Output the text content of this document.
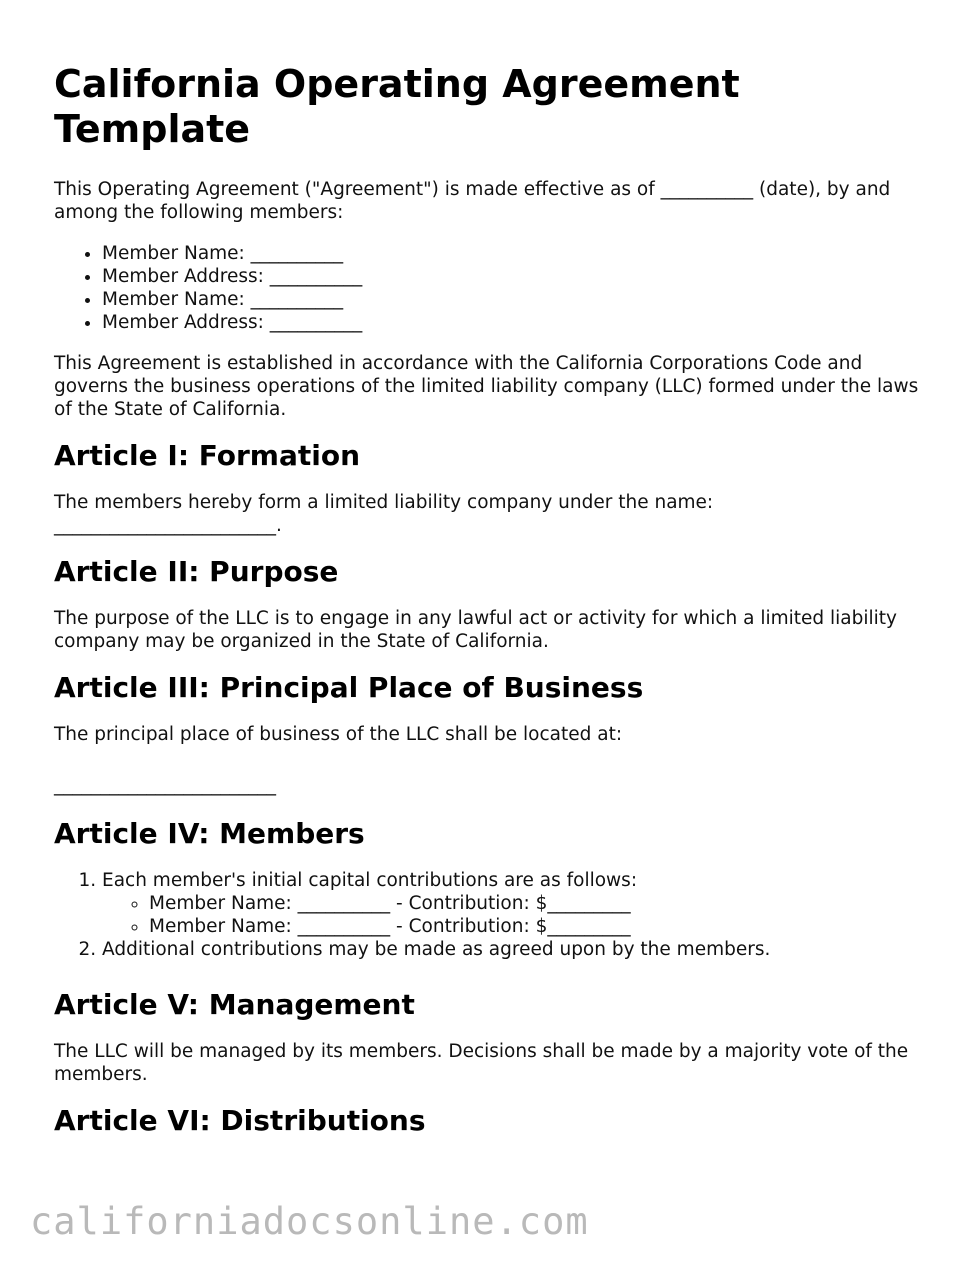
California Operating Agreement Template

This Operating Agreement ("Agreement") is made effective as of __________ (date), by and among the following members:

• Member Name: __________
• Member Address: __________
• Member Name: __________
• Member Address: __________

This Agreement is established in accordance with the California Corporations Code and governs the business operations of the limited liability company (LLC) formed under the laws of the State of California.

Article I: Formation

The members hereby form a limited liability company under the name: ________________________.

Article II: Purpose

The purpose of the LLC is to engage in any lawful act or activity for which a limited liability company may be organized in the State of California.

Article III: Principal Place of Business

The principal place of business of the LLC shall be located at:

________________________

Article IV: Members
1. Each member's initial capital contributions are as follows:
◦ Member Name: __________ - Contribution: $_________
◦ Member Name: __________ - Contribution: $_________
2. Additional contributions may be made as agreed upon by the members.
Article V: Management

The LLC will be managed by its members. Decisions shall be made by a majority vote of the members.

Article VI: Distributions
californiadocsonline.com
